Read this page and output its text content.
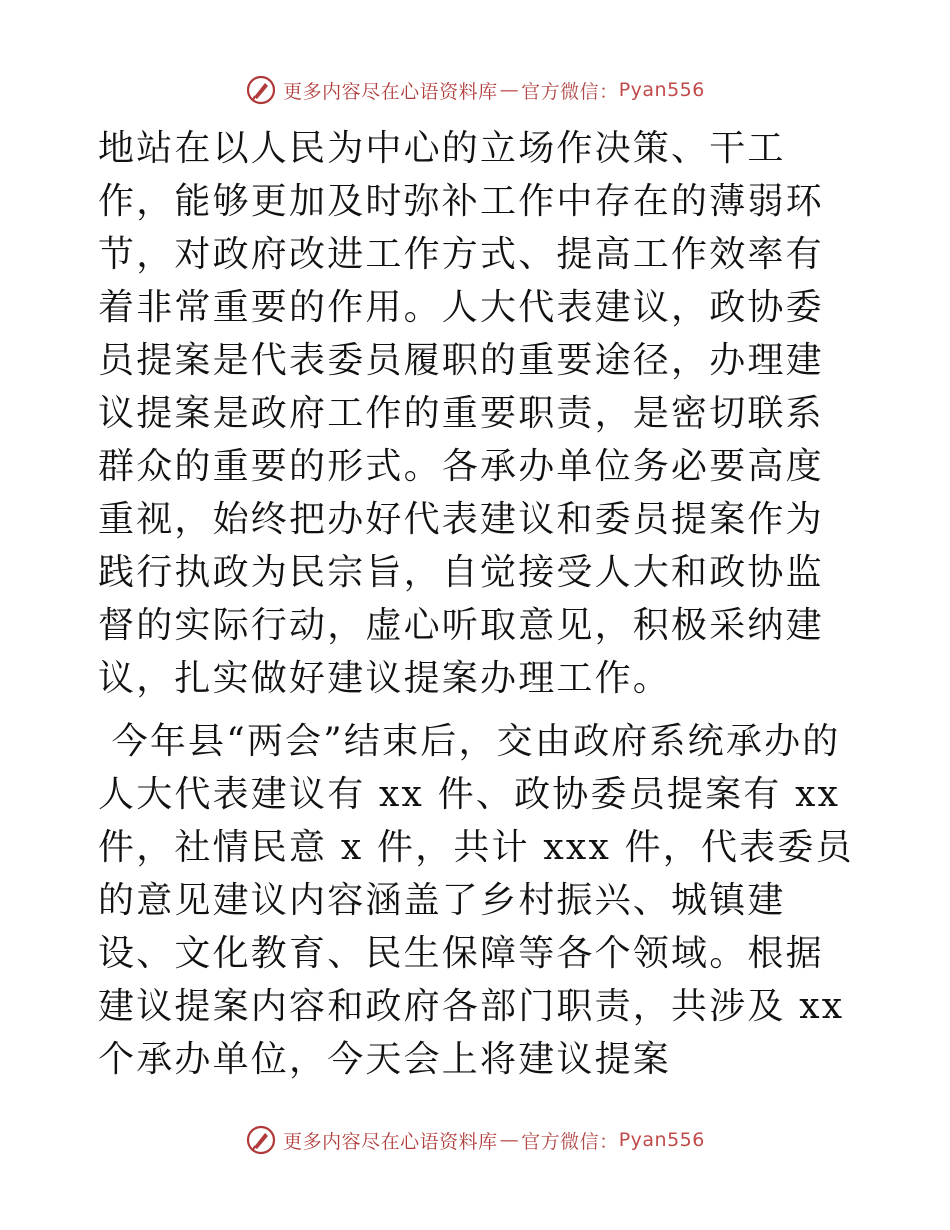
更多内容尽在心语资料库 — 官方微信： Pyan556

地站在以人民为中心的立场作决策、干工作，能够更加及时弥补工作中存在的薄弱环节，对政府改进工作方式、提高工作效率有着非常重要的作用。人大代表建议，政协委员提案是代表委员履职的重要途径，办理建议提案是政府工作的重要职责，是密切联系群众的重要的形式。各承办单位务必要高度重视，始终把办好代表建议和委员提案作为践行执政为民宗旨，自觉接受人大和政协监督的实际行动，虚心听取意见，积极采纳建议，扎实做好建议提案办理工作。

今年县“两会”结束后，交由政府系统承办的人大代表建议有 xx 件、政协委员提案有 xx 件，社情民意 x 件，共计 xxx 件，代表委员的意见建议内容涵盖了乡村振兴、城镇建设、文化教育、民生保障等各个领域。根据建议提案内容和政府各部门职责，共涉及 xx 个承办单位，今天会上将建议提案

更多内容尽在心语资料库 — 官方微信： Pyan556
